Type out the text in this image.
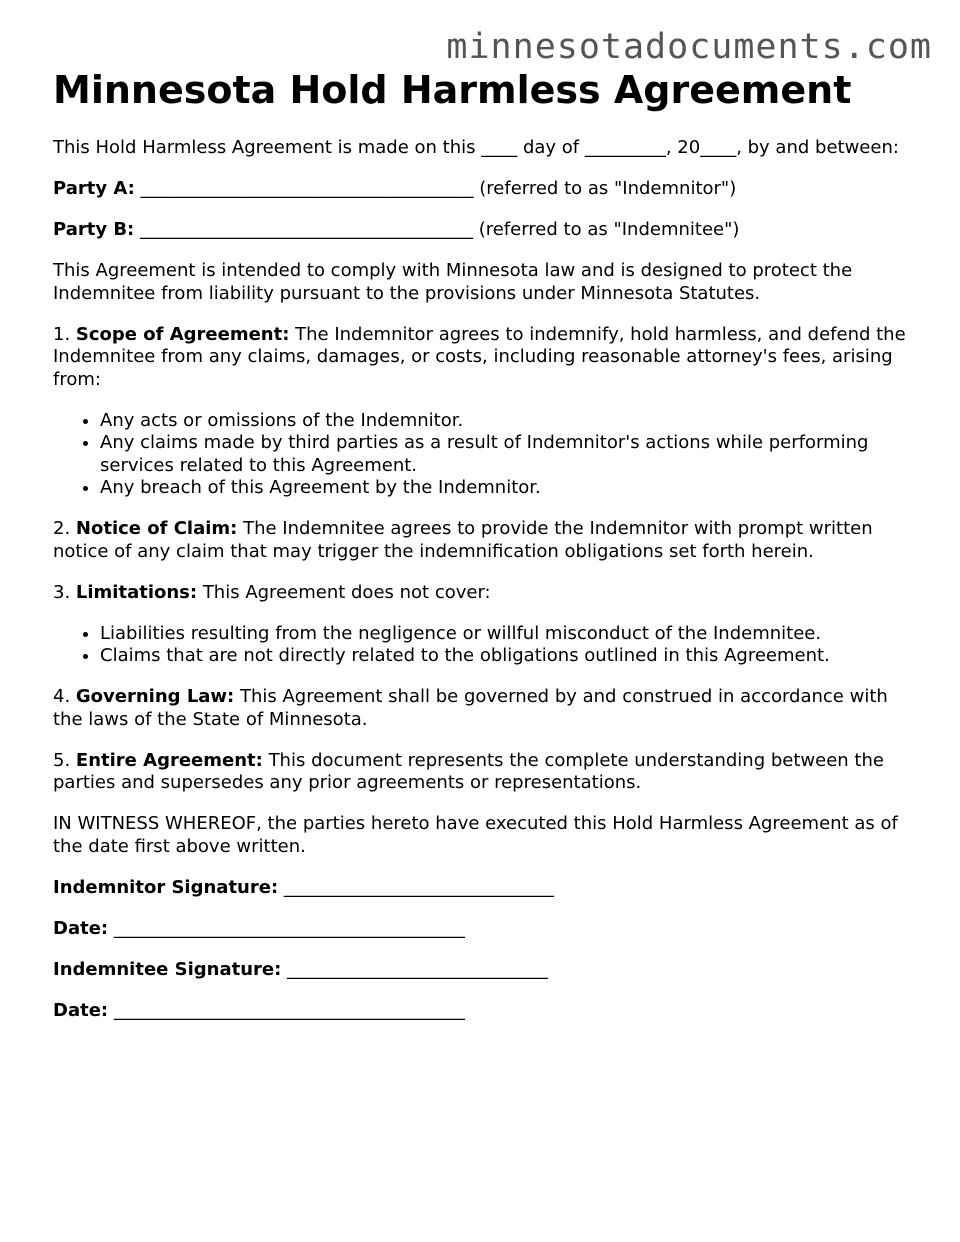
minnesotadocuments.com
Minnesota Hold Harmless Agreement

This Hold Harmless Agreement is made on this ____ day of _________, 20____, by and between:

Party A: _____________________________________ (referred to as "Indemnitor")

Party B: _____________________________________ (referred to as "Indemnitee")

This Agreement is intended to comply with Minnesota law and is designed to protect the Indemnitee from liability pursuant to the provisions under Minnesota Statutes.

1. Scope of Agreement: The Indemnitor agrees to indemnify, hold harmless, and defend the Indemnitee from any claims, damages, or costs, including reasonable attorney's fees, arising from:

• Any acts or omissions of the Indemnitor.
• Any claims made by third parties as a result of Indemnitor's actions while performing services related to this Agreement.
• Any breach of this Agreement by the Indemnitor.

2. Notice of Claim: The Indemnitee agrees to provide the Indemnitor with prompt written notice of any claim that may trigger the indemnification obligations set forth herein.

3. Limitations: This Agreement does not cover:

• Liabilities resulting from the negligence or willful misconduct of the Indemnitee.
• Claims that are not directly related to the obligations outlined in this Agreement.

4. Governing Law: This Agreement shall be governed by and construed in accordance with the laws of the State of Minnesota.

5. Entire Agreement: This document represents the complete understanding between the parties and supersedes any prior agreements or representations.

IN WITNESS WHEREOF, the parties hereto have executed this Hold Harmless Agreement as of the date first above written.

Indemnitor Signature: ______________________________

Date: _______________________________________

Indemnitee Signature: _____________________________

Date: _______________________________________
